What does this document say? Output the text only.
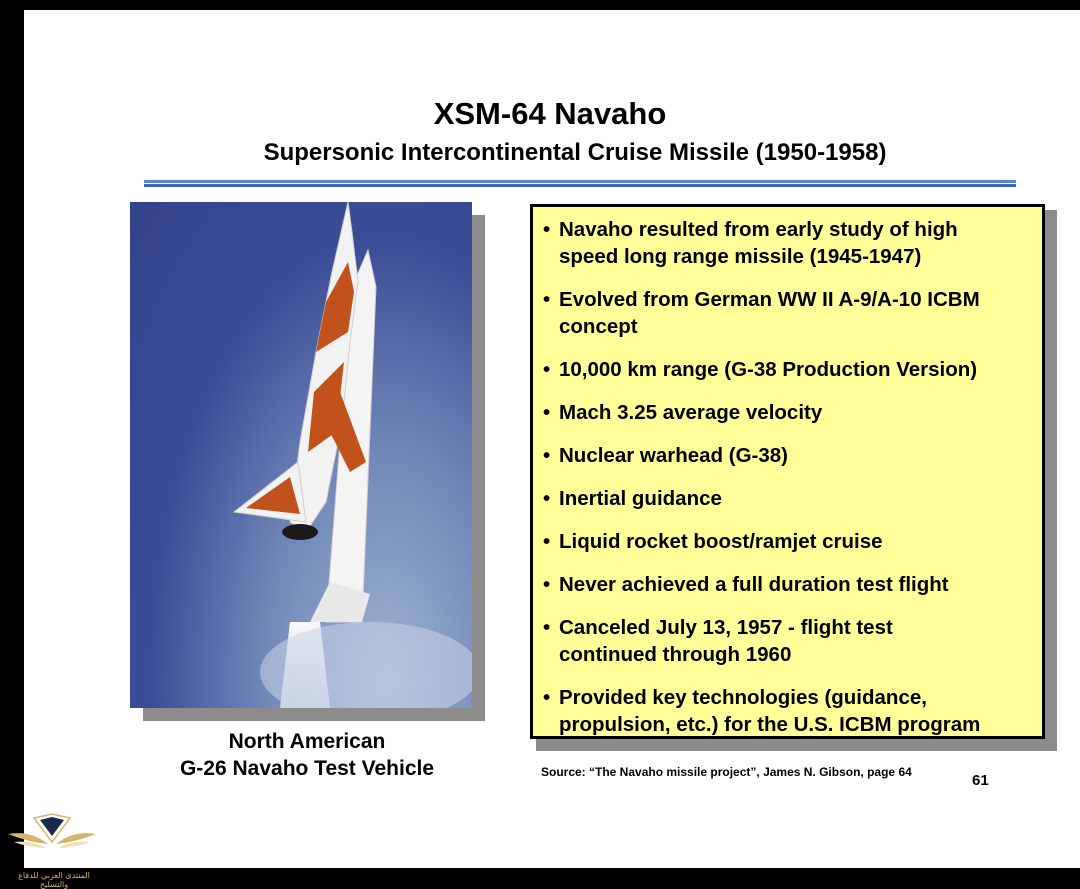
XSM-64 Navaho
Supersonic Intercontinental Cruise Missile (1950-1958)
North American
G-26 Navaho Test Vehicle
• Navaho resulted from early study of high
speed long range missile (1945-1947)
• Evolved from German WW II A-9/A-10 ICBM
concept
• 10,000 km range (G-38 Production Version)
• Mach 3.25 average velocity
• Nuclear warhead (G-38)
• Inertial guidance
• Liquid rocket boost/ramjet cruise
• Never achieved a full duration test flight
• Canceled July 13, 1957 - flight test
continued through 1960
• Provided key technologies (guidance,
propulsion, etc.) for the U.S. ICBM program
Source: “The Navaho missile project”, James N. Gibson, page 64	61
ARAB DEFENSE FORUM
المنتدى العربي للدفاع والتسليح
